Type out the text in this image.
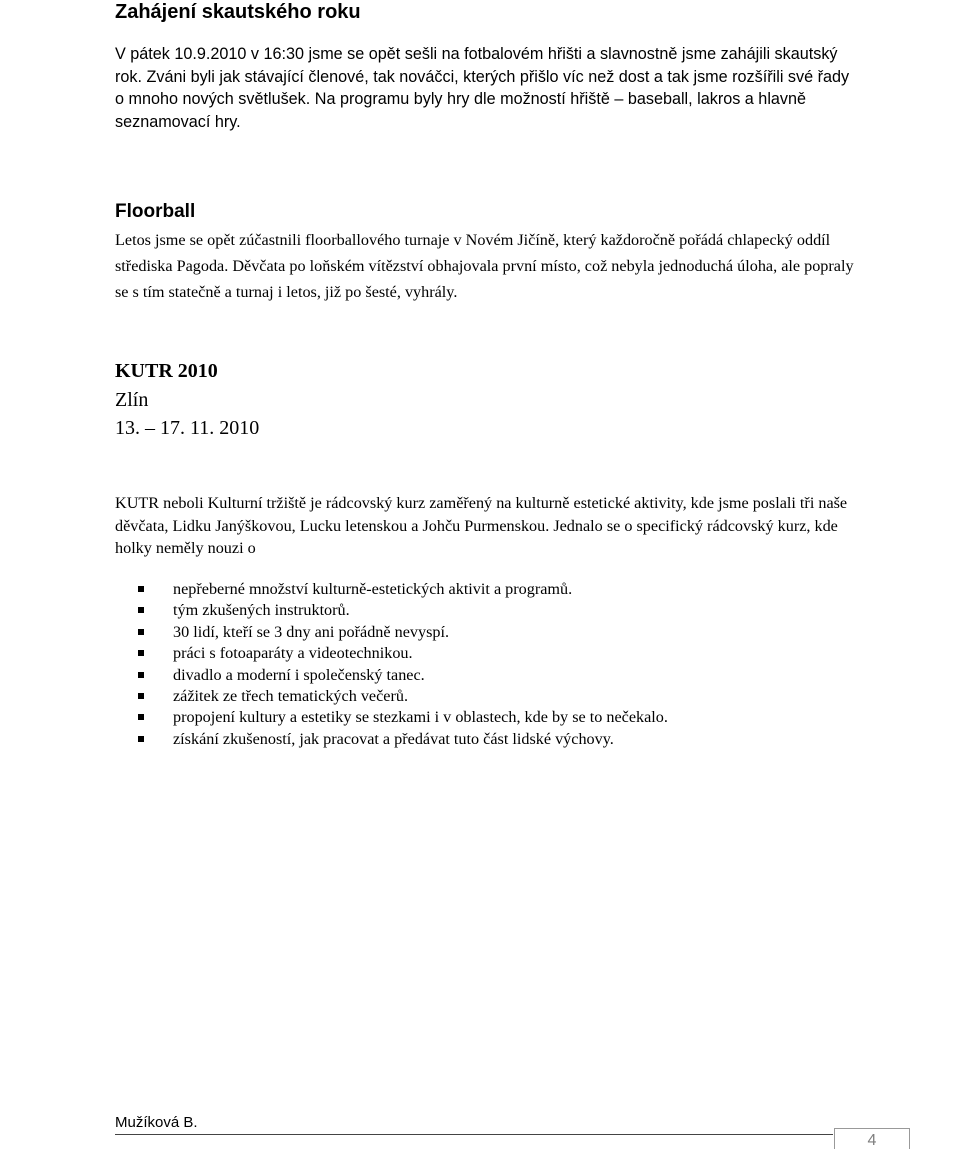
Zahájení skautského roku
V pátek 10.9.2010 v 16:30 jsme se opět sešli na fotbalovém hřišti a slavnostně jsme zahájili skautský rok. Zváni byli jak stávající členové, tak nováčci, kterých přišlo víc než dost a tak jsme rozšířili své řady o mnoho nových světlušek. Na programu byly hry dle možností hřiště – baseball, lakros a hlavně seznamovací hry.
Floorball
Letos jsme se opět zúčastnili floorballového turnaje v Novém Jičíně, který každoročně pořádá chlapecký oddíl střediska Pagoda. Děvčata po loňském vítězství obhajovala první místo, což nebyla jednoduchá úloha, ale popraly se s tím statečně a turnaj i letos, již po šesté, vyhrály.
KUTR 2010
Zlín
13. – 17. 11. 2010
KUTR neboli Kulturní tržiště je rádcovský kurz zaměřený na kulturně estetické aktivity, kde jsme poslali tři naše děvčata, Lidku Janýškovou, Lucku letenskou a Johču Purmenskou. Jednalo se o specifický rádcovský kurz, kde holky neměly nouzi o
nepřeberné množství kulturně-estetických aktivit a programů.
tým zkušených instruktorů.
30 lidí, kteří se 3 dny ani pořádně nevyspí.
práci s fotoaparáty a videotechnikou.
divadlo a moderní i společenský tanec.
zážitek ze třech tematických večerů.
propojení kultury a estetiky se stezkami i v oblastech, kde by se to nečekalo.
získání zkušeností, jak pracovat a předávat tuto část lidské výchovy.
Mužíková B.
4
